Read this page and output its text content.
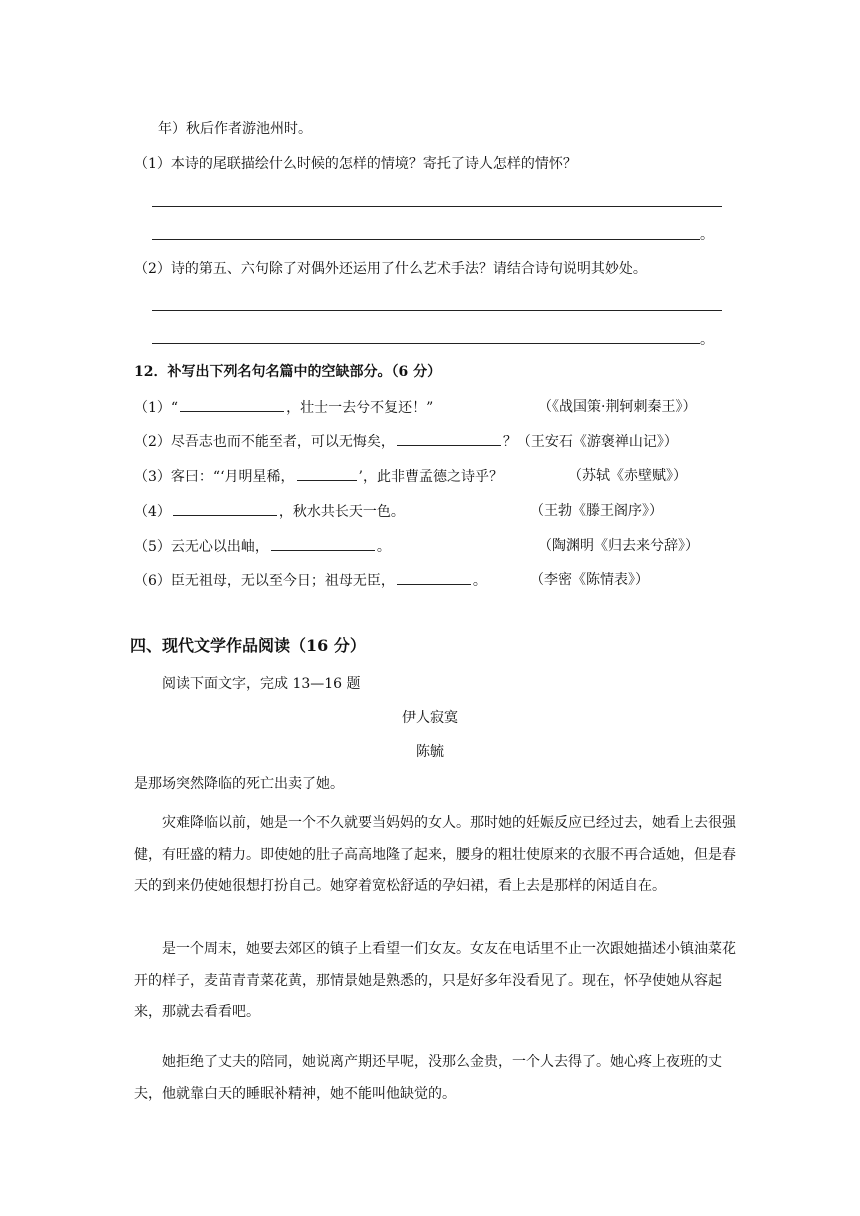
年）秋后作者游池州时。
（1）本诗的尾联描绘什么时候的怎样的情境？寄托了诗人怎样的情怀？
。
（2）诗的第五、六句除了对偶外还运用了什么艺术手法？请结合诗句说明其妙处。
。
12．补写出下列名句名篇中的空缺部分。（6 分）
（1）“	，壮士一去兮不复还！”	（《战国策·荆轲刺秦王》）
（2）尽吾志也而不能至者，可以无悔矣，	？（王安石《游褒禅山记》）
（3）客曰：“‘月明星稀，	’，此非曹孟德之诗乎？	（苏轼《赤壁赋》）
（4）	，秋水共长天一色。	（王勃《滕王阁序》）
（5）云无心以出岫，	。	（陶渊明《归去来兮辞》）
（6）臣无祖母，无以至今日；祖母无臣，	。	（李密《陈情表》）
四、现代文学作品阅读（16 分）
阅读下面文字，完成 13—16 题
伊人寂寞
陈毓
是那场突然降临的死亡出卖了她。
灾难降临以前，她是一个不久就要当妈妈的女人。那时她的妊娠反应已经过去，她看上去很强健，有旺盛的精力。即使她的肚子高高地隆了起来，腰身的粗壮使原来的衣服不再合适她，但是春天的到来仍使她很想打扮自己。她穿着宽松舒适的孕妇裙，看上去是那样的闲适自在。
是一个周末，她要去郊区的镇子上看望一们女友。女友在电话里不止一次跟她描述小镇油菜花开的样子，麦苗青青菜花黄，那情景她是熟悉的，只是好多年没看见了。现在，怀孕使她从容起来，那就去看看吧。
她拒绝了丈夫的陪同，她说离产期还早呢，没那么金贵，一个人去得了。她心疼上夜班的丈夫，他就靠白天的睡眠补精神，她不能叫他缺觉的。
